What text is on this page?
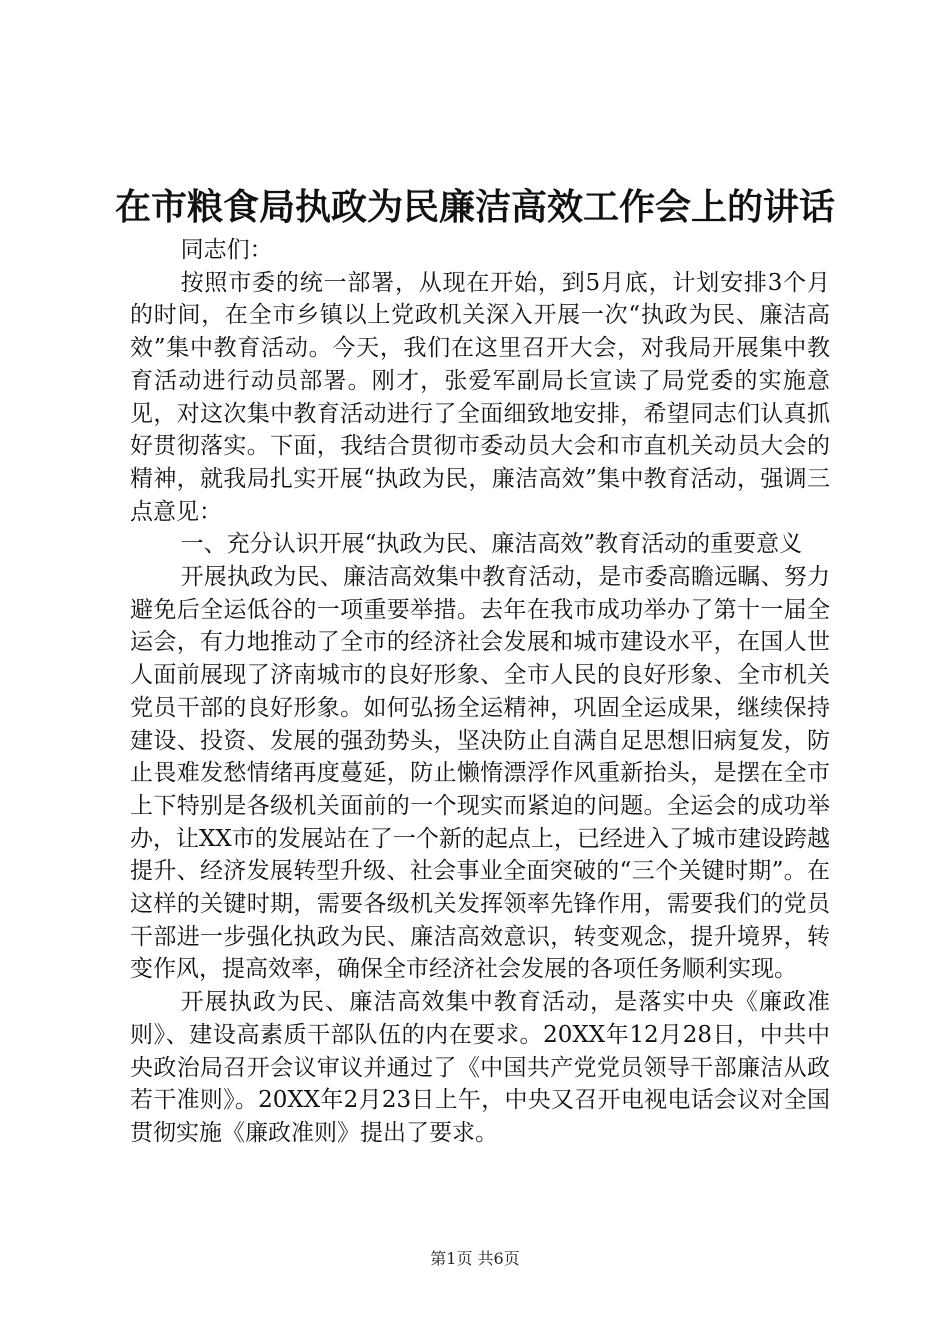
在市粮食局执政为民廉洁高效工作会上的讲话

同志们：

按照市委的统一部署，从现在开始，到5月底，计划安排3个月的时间，在全市乡镇以上党政机关深入开展一次“执政为民、廉洁高效”集中教育活动。今天，我们在这里召开大会，对我局开展集中教育活动进行动员部署。刚才，张爱军副局长宣读了局党委的实施意见，对这次集中教育活动进行了全面细致地安排，希望同志们认真抓好贯彻落实。下面，我结合贯彻市委动员大会和市直机关动员大会的精神，就我局扎实开展“执政为民，廉洁高效”集中教育活动，强调三点意见：

一、充分认识开展“执政为民、廉洁高效”教育活动的重要意义

开展执政为民、廉洁高效集中教育活动，是市委高瞻远瞩、努力避免后全运低谷的一项重要举措。去年在我市成功举办了第十一届全运会，有力地推动了全市的经济社会发展和城市建设水平，在国人世人面前展现了济南城市的良好形象、全市人民的良好形象、全市机关党员干部的良好形象。如何弘扬全运精神，巩固全运成果，继续保持建设、投资、发展的强劲势头，坚决防止自满自足思想旧病复发，防止畏难发愁情绪再度蔓延，防止懒惰漂浮作风重新抬头，是摆在全市上下特别是各级机关面前的一个现实而紧迫的问题。全运会的成功举办，让XX市的发展站在了一个新的起点上，已经进入了城市建设跨越提升、经济发展转型升级、社会事业全面突破的“三个关键时期”。在这样的关键时期，需要各级机关发挥领率先锋作用，需要我们的党员干部进一步强化执政为民、廉洁高效意识，转变观念，提升境界，转变作风，提高效率，确保全市经济社会发展的各项任务顺利实现。

开展执政为民、廉洁高效集中教育活动，是落实中央《廉政准则》、建设高素质干部队伍的内在要求。20XX年12月28日，中共中央政治局召开会议审议并通过了《中国共产党党员领导干部廉洁从政若干准则》。20XX年2月23日上午，中央又召开电视电话会议对全国贯彻实施《廉政准则》提出了要求。

第1页 共6页
